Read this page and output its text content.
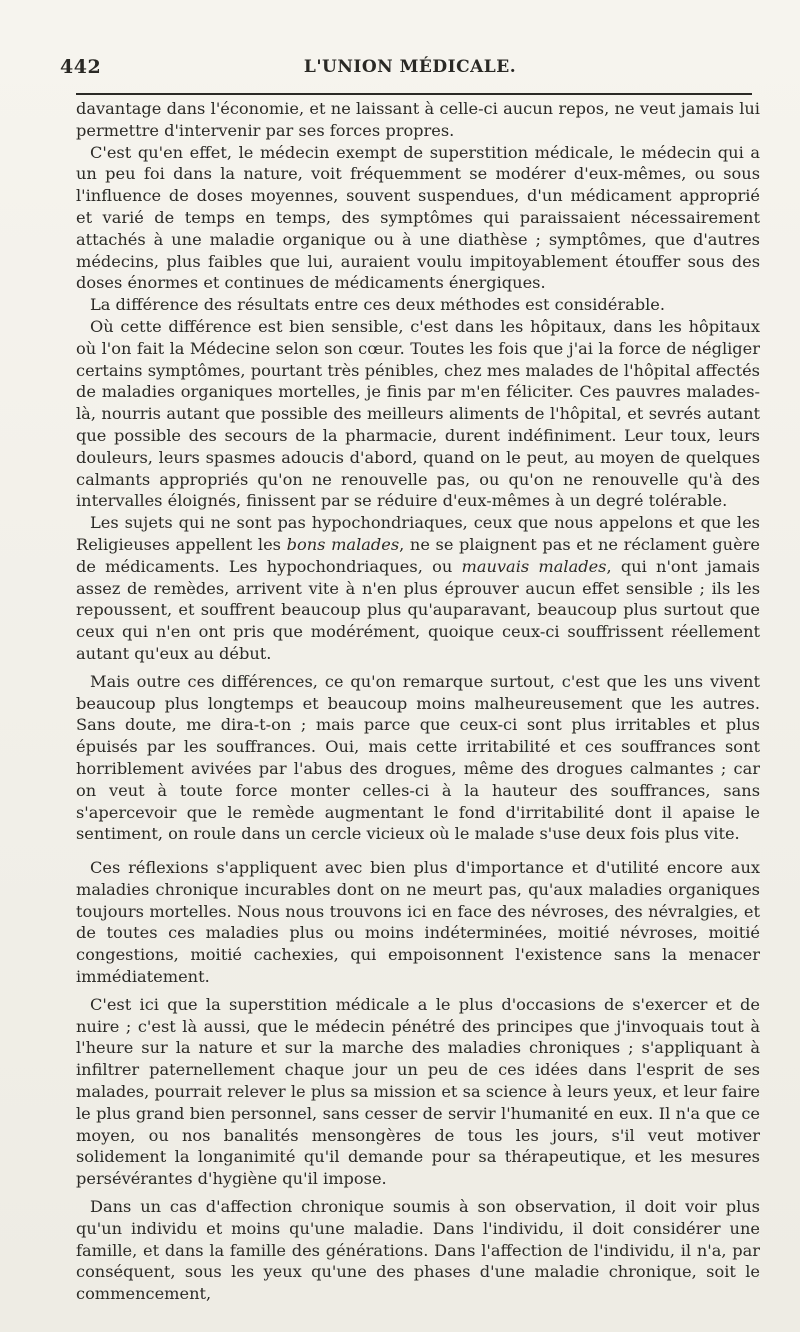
442	L'UNION MÉDICALE.

davantage dans l'économie, et ne laissant à celle-ci aucun repos, ne veut jamais lui permettre d'intervenir par ses forces propres.

C'est qu'en effet, le médecin exempt de superstition médicale, le médecin qui a un peu foi dans la nature, voit fréquemment se modérer d'eux-mêmes, ou sous l'influence de doses moyennes, souvent suspendues, d'un médicament approprié et varié de temps en temps, des symptômes qui paraissaient nécessairement attachés à une maladie organique ou à une diathèse ; symptômes, que d'autres médecins, plus faibles que lui, auraient voulu impitoyablement étouffer sous des doses énormes et continues de médicaments énergiques.

La différence des résultats entre ces deux méthodes est considérable.

Où cette différence est bien sensible, c'est dans les hôpitaux, dans les hôpitaux où l'on fait la Médecine selon son cœur. Toutes les fois que j'ai la force de négliger certains symptômes, pourtant très pénibles, chez mes malades de l'hôpital affectés de maladies organiques mortelles, je finis par m'en féliciter. Ces pauvres malades-là, nourris autant que possible des meilleurs aliments de l'hôpital, et sevrés autant que possible des secours de la pharmacie, durent indéfiniment. Leur toux, leurs douleurs, leurs spasmes adoucis d'abord, quand on le peut, au moyen de quelques calmants appropriés qu'on ne renouvelle pas, ou qu'on ne renouvelle qu'à des intervalles éloignés, finissent par se réduire d'eux-mêmes à un degré tolérable.

Les sujets qui ne sont pas hypochondriaques, ceux que nous appelons et que les Religieuses appellent les bons malades, ne se plaignent pas et ne réclament guère de médicaments. Les hypochondriaques, ou mauvais malades, qui n'ont jamais assez de remèdes, arrivent vite à n'en plus éprouver aucun effet sensible ; ils les repoussent, et souffrent beaucoup plus qu'auparavant, beaucoup plus surtout que ceux qui n'en ont pris que modérément, quoique ceux-ci souffrissent réellement autant qu'eux au début.

Mais outre ces différences, ce qu'on remarque surtout, c'est que les uns vivent beaucoup plus longtemps et beaucoup moins malheureusement que les autres. Sans doute, me dira-t-on ; mais parce que ceux-ci sont plus irritables et plus épuisés par les souffrances. Oui, mais cette irritabilité et ces souffrances sont horriblement avivées par l'abus des drogues, même des drogues calmantes ; car on veut à toute force monter celles-ci à la hauteur des souffrances, sans s'apercevoir que le remède augmentant le fond d'irritabilité dont il apaise le sentiment, on roule dans un cercle vicieux où le malade s'use deux fois plus vite.

Ces réflexions s'appliquent avec bien plus d'importance et d'utilité encore aux maladies chronique incurables dont on ne meurt pas, qu'aux maladies organiques toujours mortelles. Nous nous trouvons ici en face des névroses, des névralgies, et de toutes ces maladies plus ou moins indéterminées, moitié névroses, moitié congestions, moitié cachexies, qui empoisonnent l'existence sans la menacer immédiatement.

C'est ici que la superstition médicale a le plus d'occasions de s'exercer et de nuire ; c'est là aussi, que le médecin pénétré des principes que j'invoquais tout à l'heure sur la nature et sur la marche des maladies chroniques ; s'appliquant à infiltrer paternellement chaque jour un peu de ces idées dans l'esprit de ses malades, pourrait relever le plus sa mission et sa science à leurs yeux, et leur faire le plus grand bien personnel, sans cesser de servir l'humanité en eux. Il n'a que ce moyen, ou nos banalités mensongères de tous les jours, s'il veut motiver solidement la longanimité qu'il demande pour sa thérapeutique, et les mesures persévérantes d'hygiène qu'il impose.

Dans un cas d'affection chronique soumis à son observation, il doit voir plus qu'un individu et moins qu'une maladie. Dans l'individu, il doit considérer une famille, et dans la famille des générations. Dans l'affection de l'individu, il n'a, par conséquent, sous les yeux qu'une des phases d'une maladie chronique, soit le commencement,
